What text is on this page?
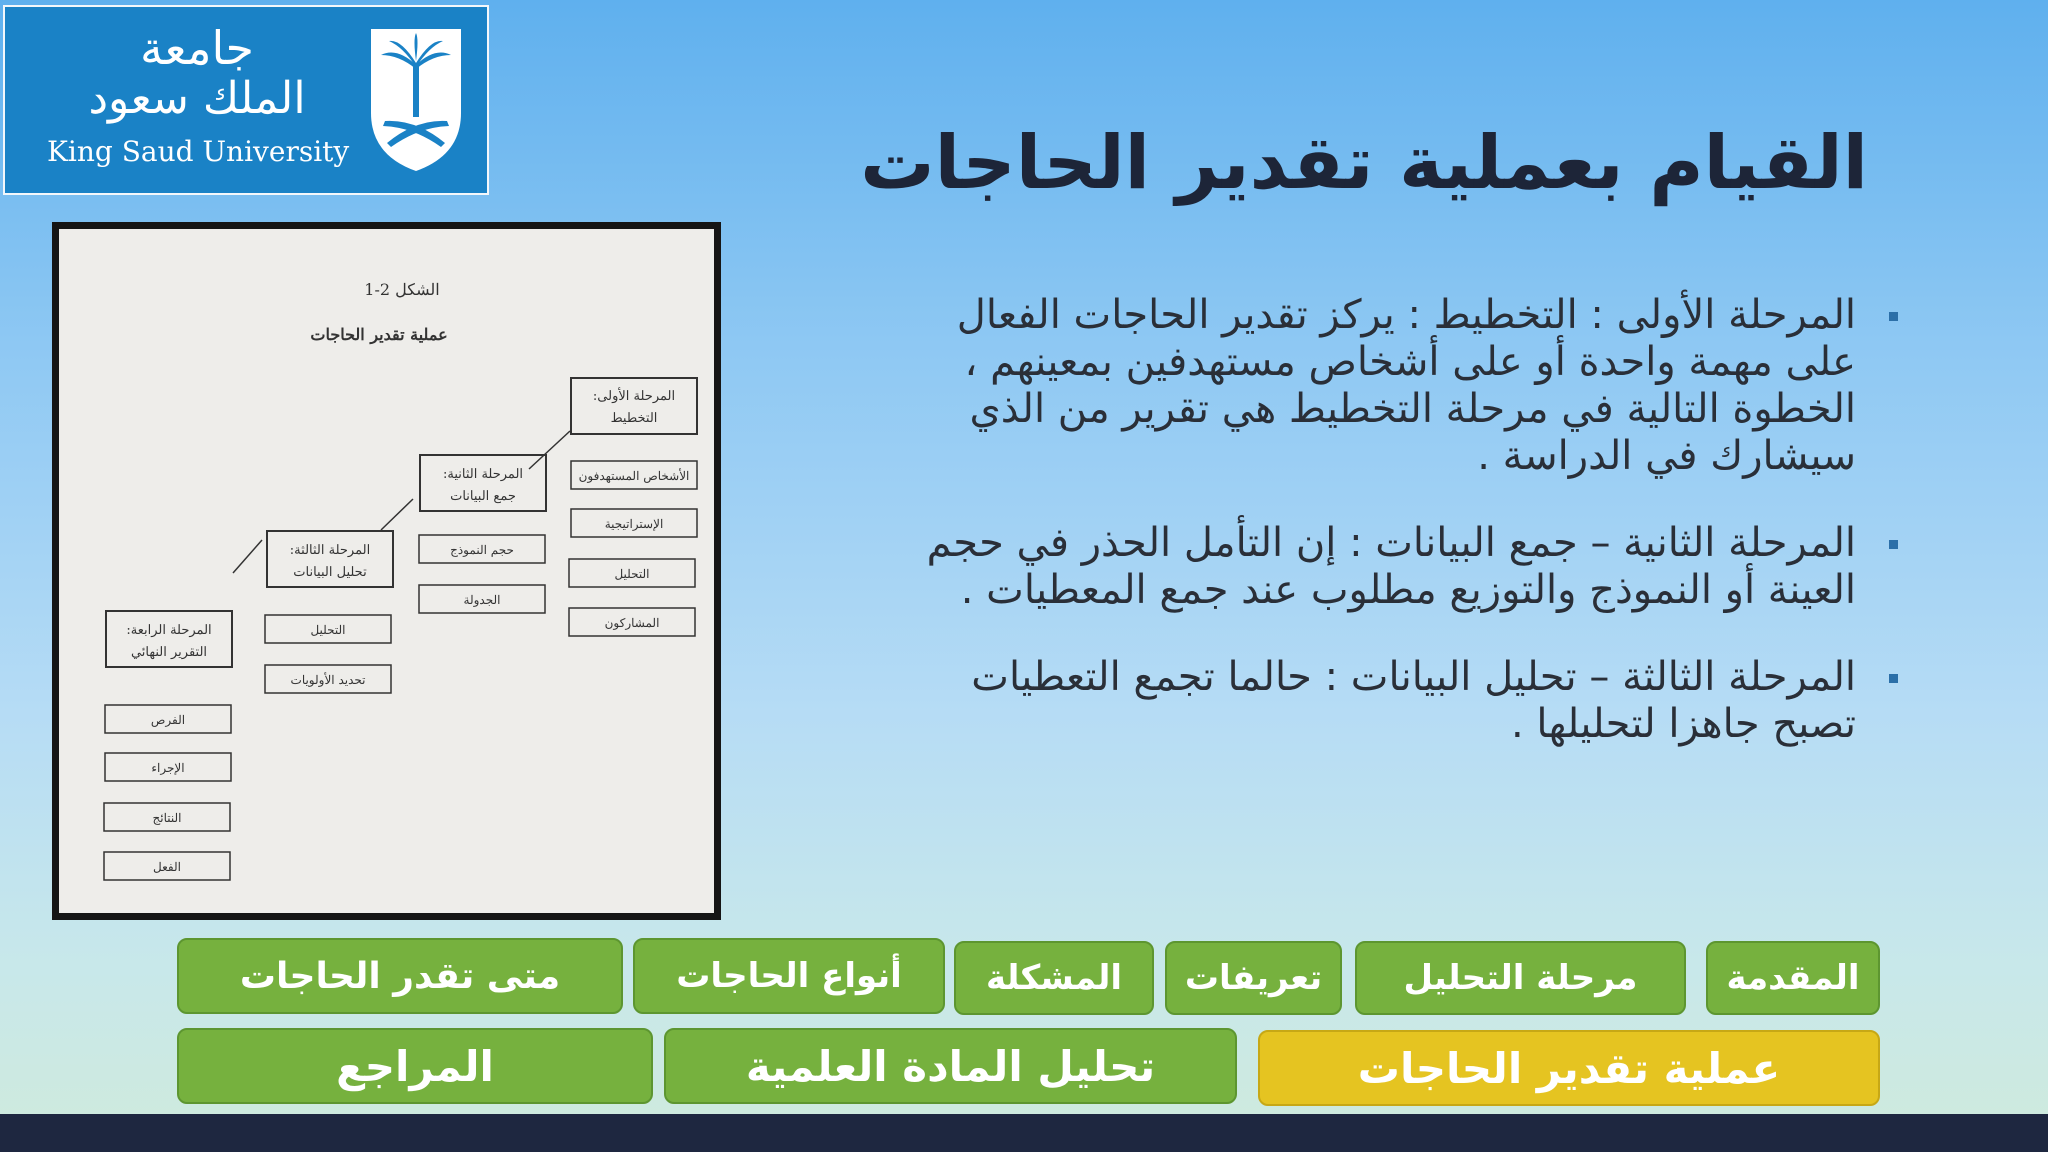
جامعة
الملك سعود
King Saud University	القيام بعملية تقدير الحاجات
المرحلة الأولى : التخطيط : يركز تقدير الحاجات الفعال على مهمة واحدة أو على أشخاص مستهدفين بمعينهم ، الخطوة التالية في مرحلة التخطيط هي تقرير من الذي سيشارك في الدراسة .
المرحلة الثانية – جمع البيانات : إن التأمل الحذر في حجم العينة أو النموذج والتوزيع مطلوب عند جمع المعطيات .
المرحلة الثالثة – تحليل البيانات : حالما تجمع التعطيات تصبح جاهزا لتحليلها .
الشكل 2-1
عملية تقدير الحاجات
المرحلة الأولى:
التخطيط
الأشخاص المستهدفون
الإستراتيجية
التحليل
المشاركون
المرحلة الثانية:
جمع البيانات
حجم النموذج
الجدولة
المرحلة الثالثة:
تحليل البيانات
التحليل
تحديد الأولويات
المرحلة الرابعة:
التقرير النهائي
الفرص
الإجراء
النتائج
الفعل
المقدمة
مرحلة التحليل
تعريفات
المشكلة
أنواع الحاجات
متى تقدر الحاجات
عملية تقدير الحاجات
تحليل المادة العلمية
المراجع
